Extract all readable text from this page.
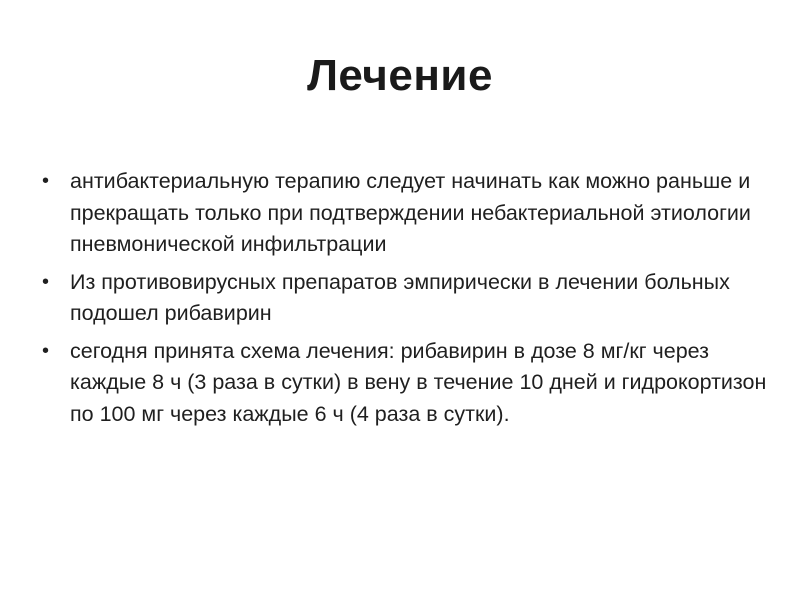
Лечение
• антибактериальную терапию следует начинать как можно раньше и прекращать только при подтверждении небактериальной этиологии пневмонической инфильтрации
• Из противовирусных препаратов эмпирически в лечении больных подошел рибавирин
• сегодня принята схема лечения: рибавирин в дозе 8 мг/кг через каждые 8 ч (3 раза в сутки) в вену в течение 10 дней и гидрокортизон по 100 мг через каждые 6 ч (4 раза в сутки).
